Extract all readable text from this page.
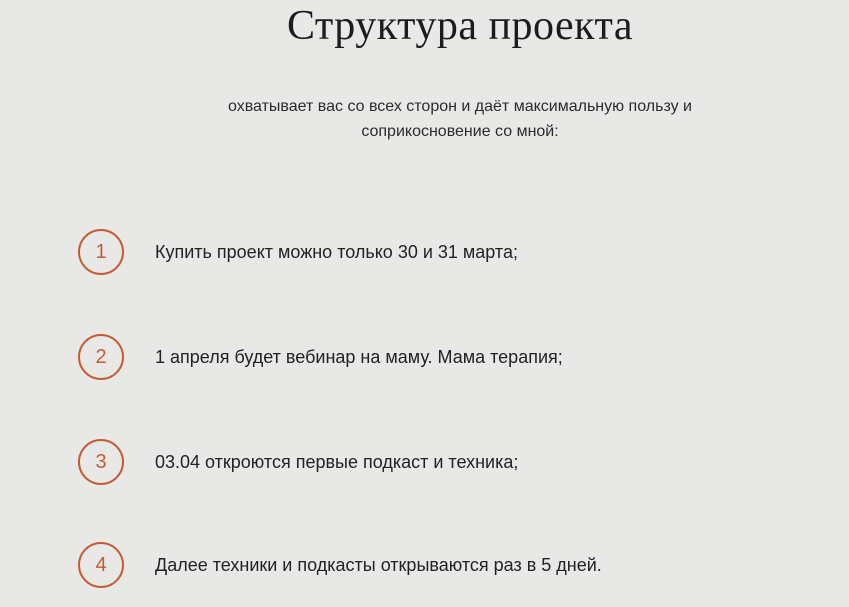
Структура проекта
охватывает вас со всех сторон и даёт максимальную пользу и
соприкосновение со мной:
1	Купить проект можно только 30 и 31 марта;
2	1 апреля будет вебинар на маму. Мама терапия;
3	03.04 откроются первые подкаст и техника;
4	Далее техники и подкасты открываются раз в 5 дней.
